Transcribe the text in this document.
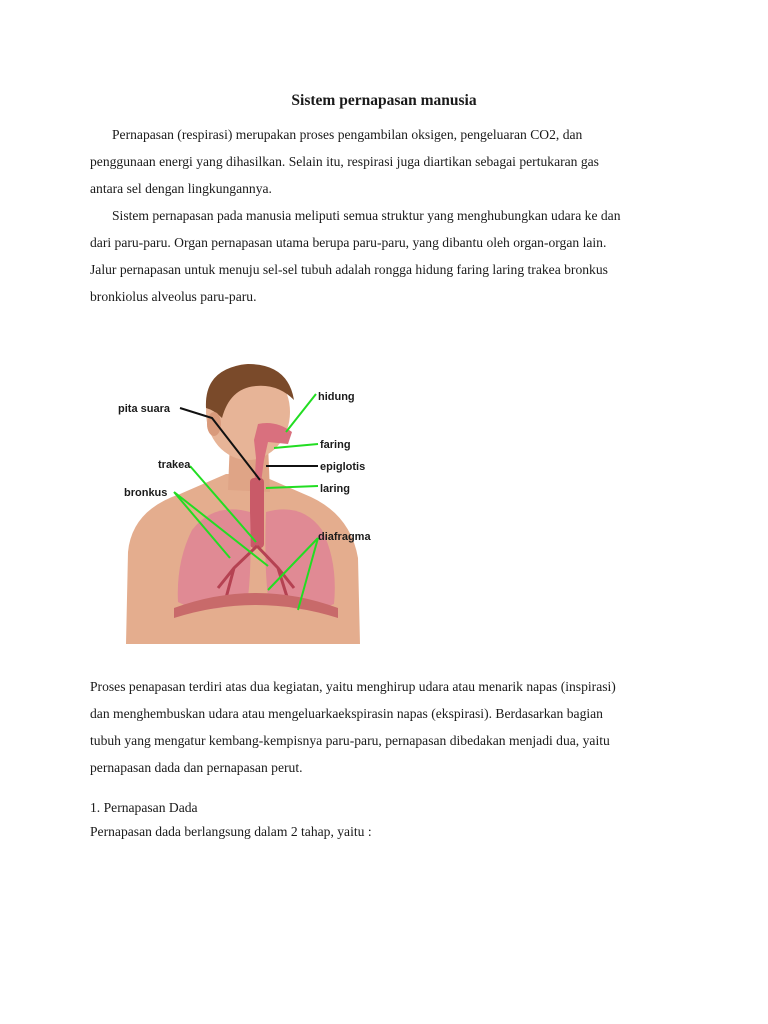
Sistem pernapasan manusia

Pernapasan (respirasi) merupakan proses pengambilan oksigen, pengeluaran CO2, dan
penggunaan energi yang dihasilkan. Selain itu, respirasi juga diartikan sebagai pertukaran gas
antara sel dengan lingkungannya.

Sistem pernapasan pada manusia meliputi semua struktur yang menghubungkan udara ke dan
dari paru-paru. Organ pernapasan utama berupa paru-paru, yang dibantu oleh organ-organ lain.
Jalur pernapasan untuk menuju sel-sel tubuh adalah rongga hidung faring laring trakea bronkus
bronkiolus alveolus paru-paru.

pita suara
hidung
faring
epiglotis
trakea
laring
bronkus
diafragma

Proses penapasan terdiri atas dua kegiatan, yaitu menghirup udara atau menarik napas (inspirasi)
dan menghembuskan udara atau mengeluarkaekspirasin napas (ekspirasi). Berdasarkan bagian
tubuh yang mengatur kembang-kempisnya paru-paru, pernapasan dibedakan menjadi dua, yaitu
pernapasan dada dan pernapasan perut.

1. Pernapasan Dada
Pernapasan dada berlangsung dalam 2 tahap, yaitu :
